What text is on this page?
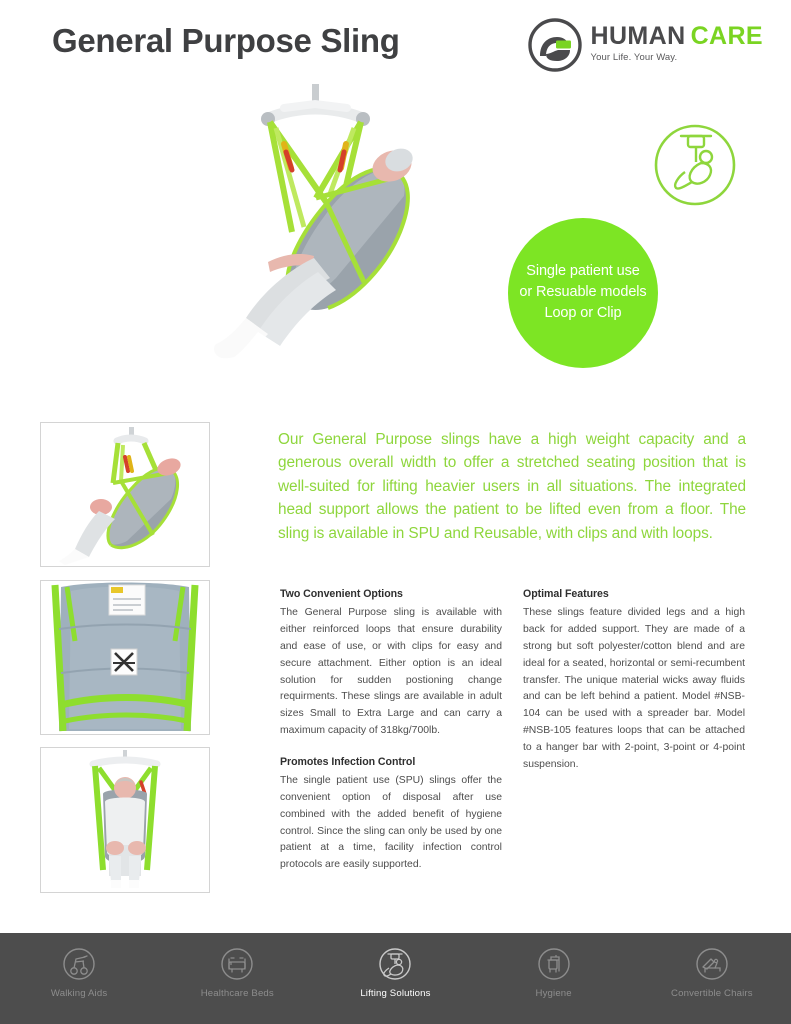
General Purpose Sling	HUMAN CARE
Your Life. Your Way.
Single patient use
or Resuable models
Loop or Clip
Our General Purpose slings have a high weight capacity and a generous overall width to offer a stretched seating position that is well-suited for lifting heavier users in all situations. The integrated head support allows the patient to be lifted even from a floor. The sling is available in SPU and Reusable, with clips and with loops.
Two Convenient Options

The General Purpose sling is available with either reinforced loops that ensure durability and ease of use, or with clips for easy and secure attachment. Either option is an ideal solution for sudden postioning change requirments. These slings are available in adult sizes Small to Extra Large and can carry a maximum capacity of 318kg/700lb.

Promotes Infection Control

The single patient use (SPU) slings offer the convenient option of disposal after use combined with the added benefit of hygiene control. Since the sling can only be used by one patient at a time, facility infection control protocols are easily supported.

Optimal Features

These slings feature divided legs and a high back for added support. They are made of a strong but soft polyester/cotton blend and are ideal for a seated, horizontal or semi-recumbent transfer. The unique material wicks away fluids and can be left behind a patient. Model #NSB-104 can be used with a spreader bar. Model #NSB-105 features loops that can be attached to a hanger bar with 2-point, 3-point or 4-point suspension.

Walking Aids	Healthcare Beds	Lifting Solutions	Hygiene	Convertible Chairs
